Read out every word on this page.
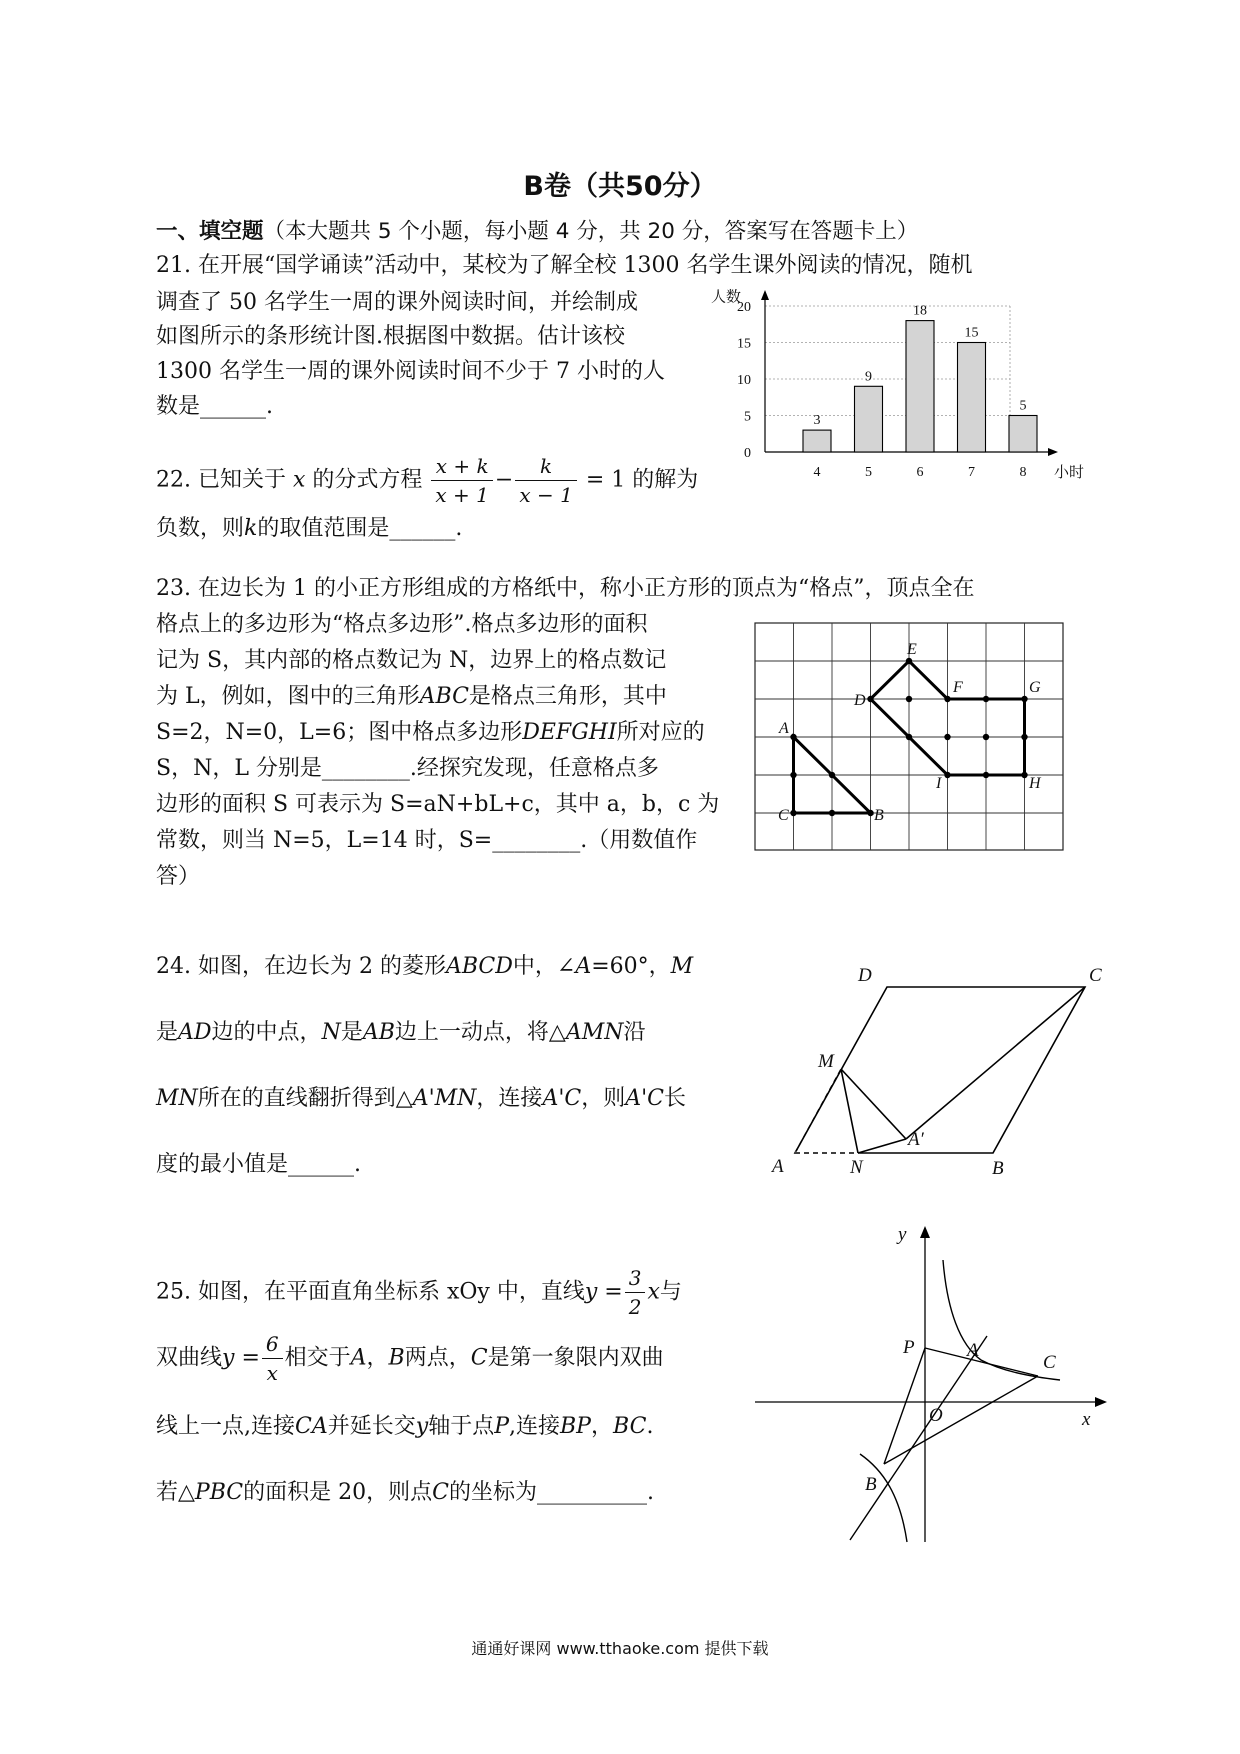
B卷（共50分）
一、填空题（本大题共 5 个小题，每小题 4 分，共 20 分，答案写在答题卡上）
21. 在开展“国学诵读”活动中，某校为了解全校 1300 名学生课外阅读的情况，随机
调查了 50 名学生一周的课外阅读时间，并绘制成
如图所示的条形统计图.根据图中数据。估计该校
1300 名学生一周的课外阅读时间不少于 7 小时的人
数是______.
0
5
10
15
20
人数
小时
3
4
9
5
18
6
15
7
5
8
22. 已知关于 x 的分式方程 $\frac{x + k}{x + 1} - \frac{k}{x - 1} = 1$ 的解为
负数，则k的取值范围是______.
23. 在边长为 1 的小正方形组成的方格纸中，称小正方形的顶点为“格点”，顶点全在
格点上的多边形为“格点多边形”.格点多边形的面积
记为 S，其内部的格点数记为 N，边界上的格点数记
为 L，例如，图中的三角形ABC是格点三角形，其中
S=2，N=0，L=6；图中格点多边形DEFGHI所对应的
S，N，L 分别是________.经探究发现，任意格点多
边形的面积 S 可表示为 S=aN+bL+c，其中 a，b，c 为
常数，则当 N=5，L=14 时，S=________.（用数值作
答）
A
B
C
D
E
F	G
H
I
24. 如图，在边长为 2 的菱形ABCD中，∠A=60°，M
是AD边的中点，N是AB边上一动点，将△AMN沿
MN所在的直线翻折得到△A'MN，连接A'C，则A'C长
度的最小值是______.	A	B
C
D
M
N
A′
25. 如图，在平面直角坐标系 xOy 中，直线$y = \frac{3}{2}$ x与
双曲线$y = \frac{6}{x}$ 相交于A，B两点，C是第一象限内双曲
线上一点,连接CA并延长交y轴于点P,连接BP，BC.
若△PBC的面积是 20，则点C的坐标为__________.
x
y
O
P	A
B
C
通通好课网 www.tthaoke.com 提供下载
